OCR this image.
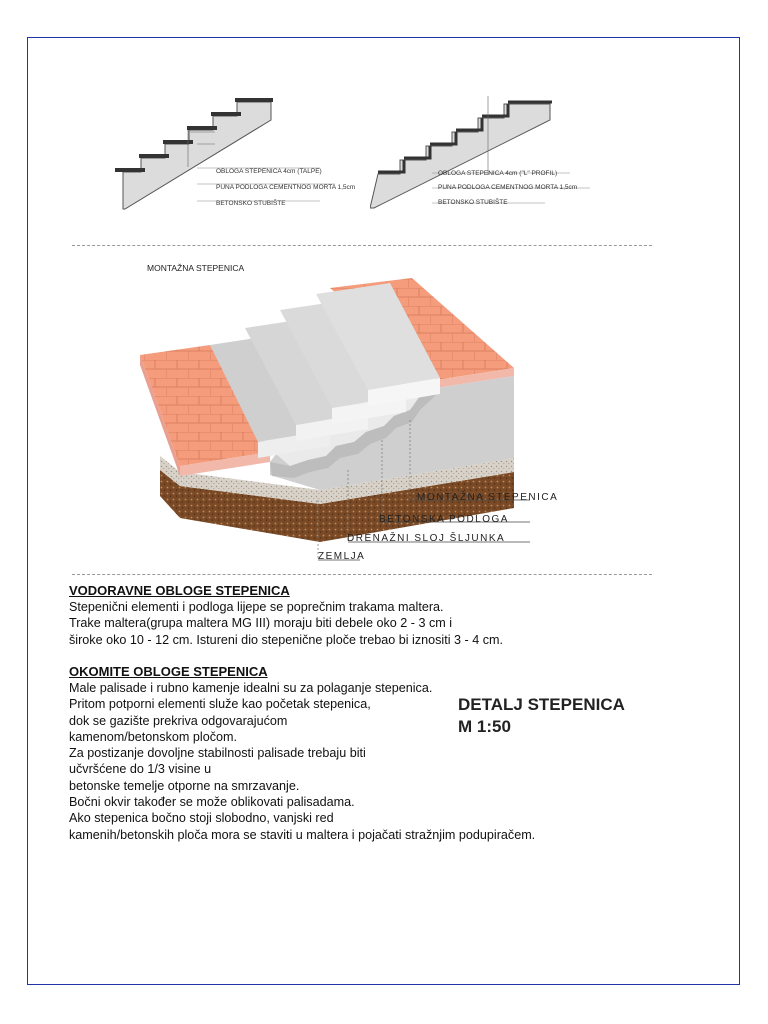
OBLOGA STEPENICA 4cm (TALPE)
PUNA PODLOGA CEMENTNOG MORTA 1,5cm
BETONSKO STUBIŠTE
OBLOGA STEPENICA 4cm ("L" PROFIL)
PUNA PODLOGA CEMENTNOG MORTA 1,5cm
BETONSKO STUBIŠTE
MONTAŽNA STEPENICA
MONTAŽNA STEPENICA
BETONSKA PODLOGA
DRENAŽNI SLOJ ŠLJUNKA
ZEMLJA
VODORAVNE OBLOGE STEPENICA
Stepenični elementi i podloga lijepe se poprečnim trakama maltera.
Trake maltera(grupa maltera MG III) moraju biti debele oko 2 - 3 cm i
široke oko 10 - 12 cm. Istureni dio stepenične ploče trebao bi iznositi 3 - 4 cm.
OKOMITE OBLOGE STEPENICA
Male palisade i rubno kamenje idealni su za polaganje stepenica.
Pritom potporni elementi služe kao početak stepenica,
dok se gazište prekriva odgovarajućom
kamenom/betonskom pločom.
Za postizanje dovoljne stabilnosti palisade trebaju biti
učvršćene do 1/3 visine u
betonske temelje otporne na smrzavanje.
Bočni okvir također se može oblikovati palisadama.
Ako stepenica bočno stoji slobodno, vanjski red
kamenih/betonskih ploča mora se staviti u maltera i pojačati stražnjim podupiračem.
DETALJ STEPENICA
M 1:50
